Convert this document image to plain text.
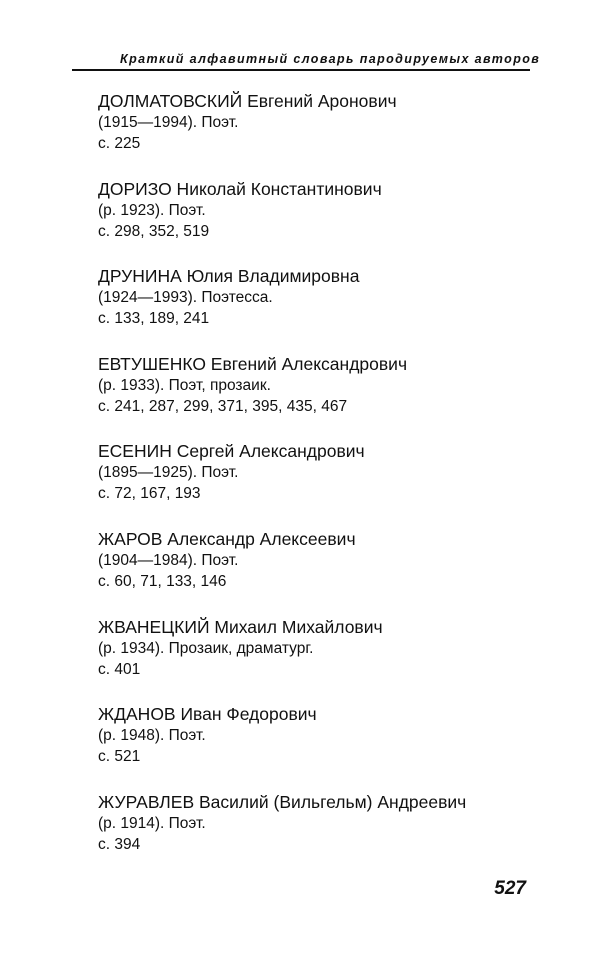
Краткий алфавитный словарь пародируемых авторов
ДОЛМАТОВСКИЙ Евгений Аронович
(1915—1994). Поэт.
с. 225
ДОРИЗО Николай Константинович
(р. 1923). Поэт.
с. 298, 352, 519
ДРУНИНА Юлия Владимировна
(1924—1993). Поэтесса.
с. 133, 189, 241
ЕВТУШЕНКО Евгений Александрович
(р. 1933). Поэт, прозаик.
с. 241, 287, 299, 371, 395, 435, 467
ЕСЕНИН Сергей Александрович
(1895—1925). Поэт.
с. 72, 167, 193
ЖАРОВ Александр Алексеевич
(1904—1984). Поэт.
с. 60, 71, 133, 146
ЖВАНЕЦКИЙ Михаил Михайлович
(р. 1934). Прозаик, драматург.
с. 401
ЖДАНОВ Иван Федорович
(р. 1948). Поэт.
с. 521
ЖУРАВЛЕВ Василий (Вильгельм) Андреевич
(р. 1914). Поэт.
с. 394
527
